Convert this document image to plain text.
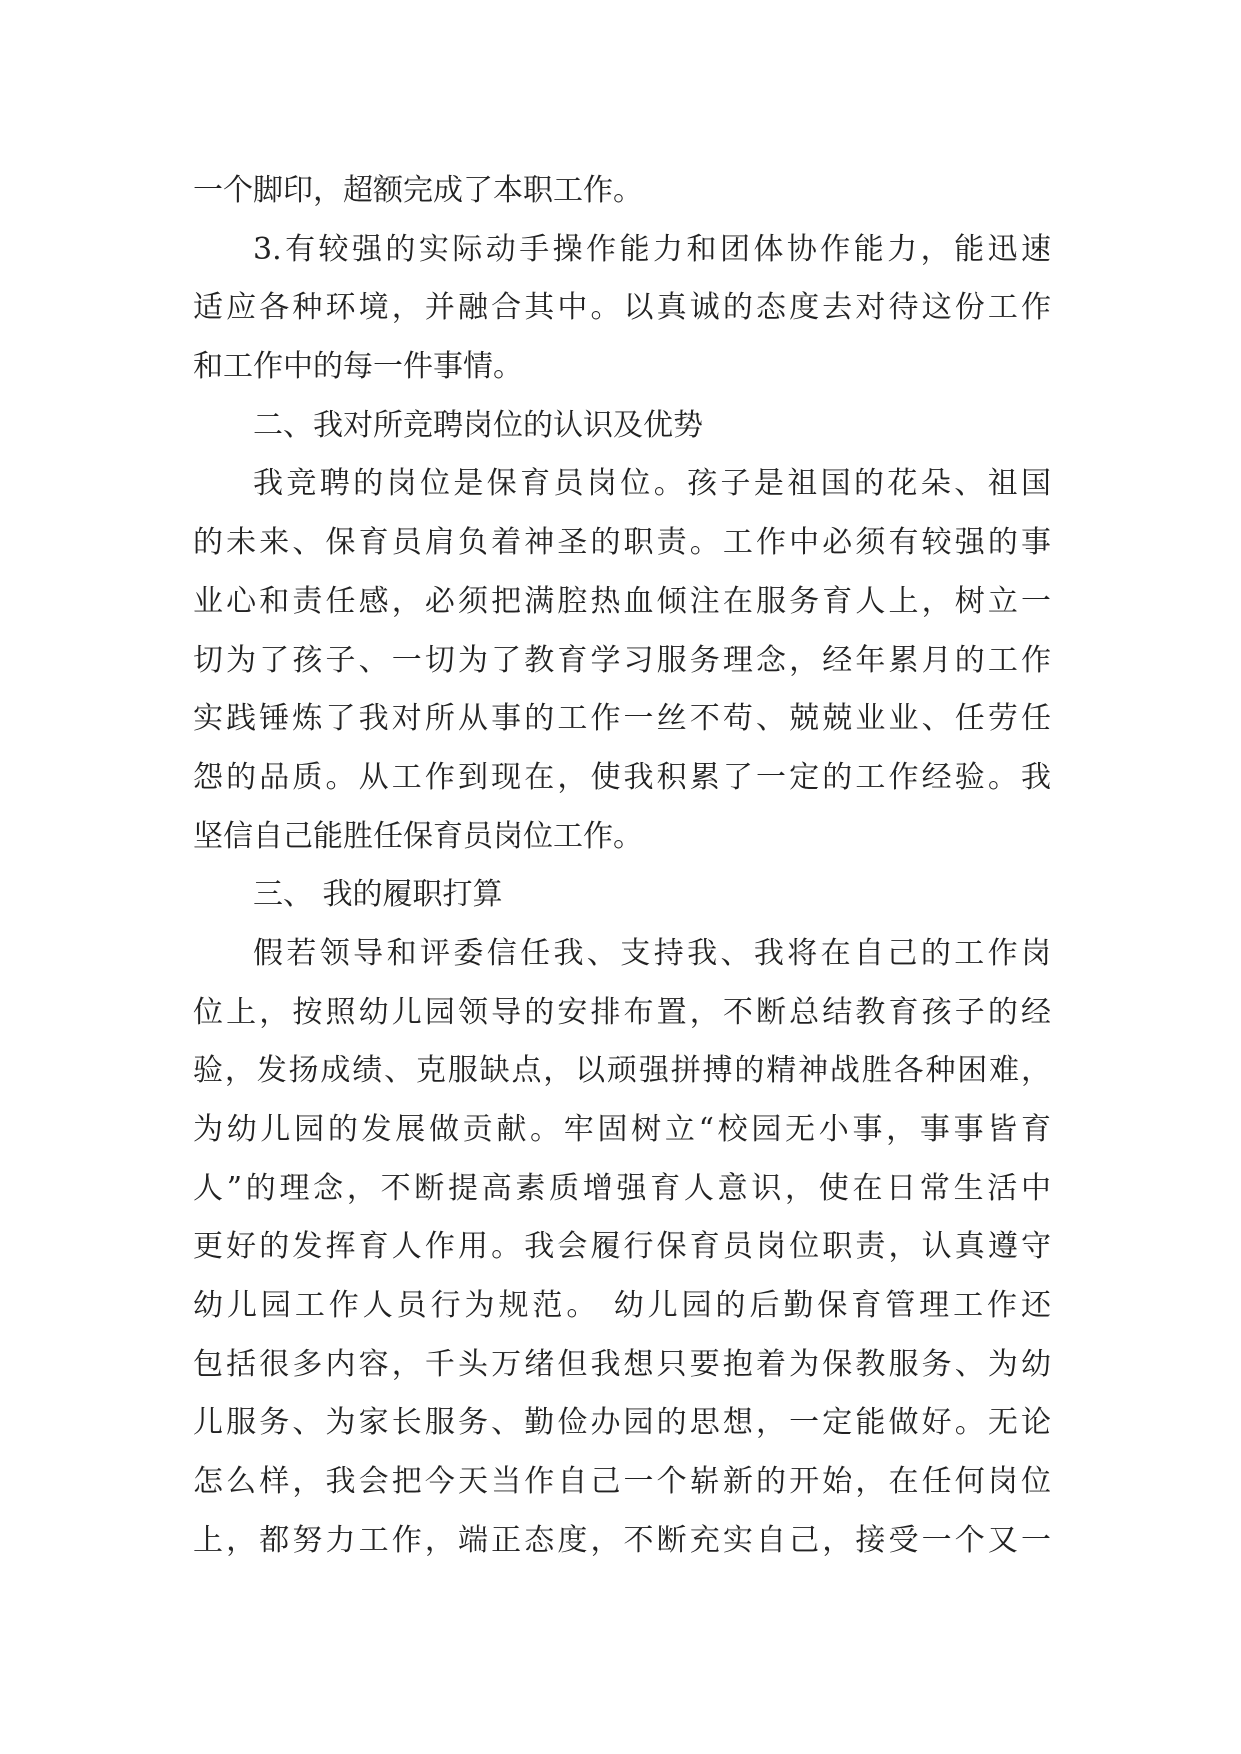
一个脚印，超额完成了本职工作。
3.有较强的实际动手操作能力和团体协作能力，能迅速
适应各种环境，并融合其中。以真诚的态度去对待这份工作
和工作中的每一件事情。
二、我对所竞聘岗位的认识及优势
我竞聘的岗位是保育员岗位。孩子是祖国的花朵、祖国
的未来、保育员肩负着神圣的职责。工作中必须有较强的事
业心和责任感，必须把满腔热血倾注在服务育人上，树立一
切为了孩子、一切为了教育学习服务理念，经年累月的工作
实践锤炼了我对所从事的工作一丝不苟、兢兢业业、任劳任
怨的品质。从工作到现在，使我积累了一定的工作经验。我
坚信自己能胜任保育员岗位工作。
三、 我的履职打算
假若领导和评委信任我、支持我、我将在自己的工作岗
位上，按照幼儿园领导的安排布置，不断总结教育孩子的经
验，发扬成绩、克服缺点，以顽强拼搏的精神战胜各种困难，
为幼儿园的发展做贡献。牢固树立“校园无小事，事事皆育
人”的理念，不断提高素质增强育人意识，使在日常生活中
更好的发挥育人作用。我会履行保育员岗位职责，认真遵守
幼儿园工作人员行为规范。 幼儿园的后勤保育管理工作还
包括很多内容，千头万绪但我想只要抱着为保教服务、为幼
儿服务、为家长服务、勤俭办园的思想，一定能做好。无论
怎么样，我会把今天当作自己一个崭新的开始，在任何岗位
上，都努力工作，端正态度，不断充实自己，接受一个又一
